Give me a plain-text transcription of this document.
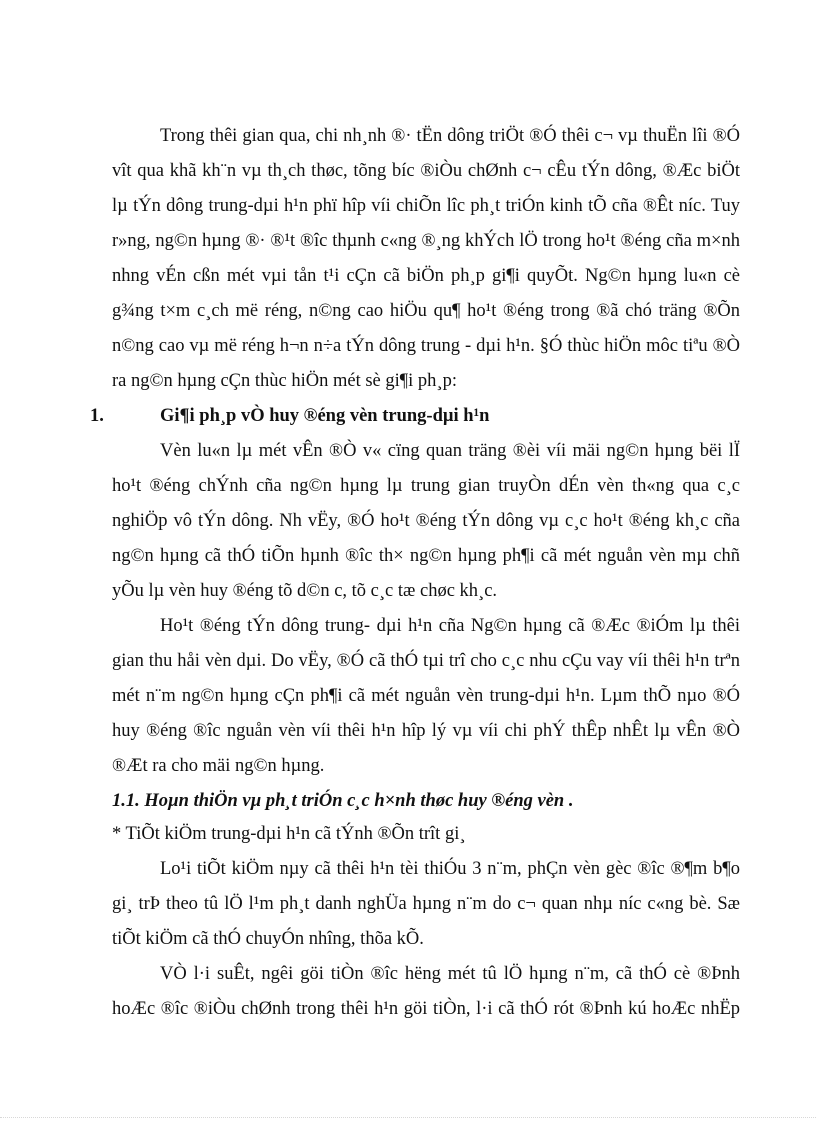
Trong thêi gian qua, chi nh¸nh ®· tËn dông triÖt ®Ó thêi c¬ vµ thuËn lîi ®Ó
vît qua khã kh¨n vµ th¸ch thøc, tõng bíc ®iÒu chØnh c¬ cÊu tÝn dông, ®Æc biÖt
lµ tÝn dông trung-dµi h¹n phï hîp víi chiÕn lîc ph¸t triÓn kinh tÕ cña ®Êt níc. Tuy
r»ng, ng©n hµng ®· ®¹t ®îc thµnh c«ng ®¸ng khÝch lÖ trong ho¹t ®éng cña m×nh
nhng vÉn cßn mét vµi tån t¹i cÇn cã biÖn ph¸p gi¶i quyÕt. Ng©n hµng lu«n cè
g¾ng t×m c¸ch më réng, n©ng cao hiÖu qu¶ ho¹t ®éng trong ®ã chó träng ®Õn
n©ng cao vµ më réng h¬n n÷a tÝn dông trung - dµi h¹n. §Ó thùc hiÖn môc tiªu ®Ò
ra ng©n hµng cÇn thùc hiÖn mét sè gi¶i ph¸p:
1.	Gi¶i ph¸p vÒ huy ®éng vèn trung-dµi h¹n
Vèn lu«n lµ mét vÊn ®Ò v« cïng quan träng ®èi víi mäi ng©n hµng bëi lÏ
ho¹t ®éng chÝnh cña ng©n hµng lµ trung gian truyÒn dÉn vèn th«ng qua c¸c
nghiÖp vô tÝn dông. Nh vËy, ®Ó ho¹t ®éng tÝn dông vµ c¸c ho¹t ®éng kh¸c cña
ng©n hµng cã thÓ tiÕn hµnh ®îc th× ng©n hµng ph¶i cã mét nguån vèn mµ chñ
yÕu lµ vèn huy ®éng tõ d©n c, tõ c¸c tæ chøc kh¸c.
Ho¹t ®éng tÝn dông trung- dµi h¹n cña Ng©n hµng cã ®Æc ®iÓm lµ thêi
gian thu håi vèn dµi. Do vËy, ®Ó cã thÓ tµi trî cho c¸c nhu cÇu vay víi thêi h¹n trªn
mét n¨m ng©n hµng cÇn ph¶i cã mét nguån vèn trung-dµi h¹n. Lµm thÕ nµo ®Ó
huy ®éng ®îc nguån vèn víi thêi h¹n hîp lý vµ víi chi phÝ thÊp nhÊt lµ vÊn ®Ò
®Æt ra cho mäi ng©n hµng.
1.1. Hoµn thiÖn vµ ph¸t triÓn c¸c h×nh thøc huy ®éng vèn .
* TiÕt kiÖm trung-dµi h¹n cã tÝnh ®Õn trît gi¸
Lo¹i tiÕt kiÖm nµy cã thêi h¹n tèi thiÓu 3 n¨m, phÇn vèn gèc ®îc ®¶m b¶o
gi¸ trÞ theo tû lÖ l¹m ph¸t danh nghÜa hµng n¨m do c¬ quan nhµ níc c«ng bè. Sæ
tiÕt kiÖm cã thÓ chuyÓn nhîng, thõa kÕ.
VÒ l·i suÊt, ngêi göi tiÒn ®îc hëng mét tû lÖ hµng n¨m, cã thÓ cè ®Þnh
hoÆc ®îc ®iÒu chØnh trong thêi h¹n göi tiÒn, l·i cã thÓ rót ®Þnh kú hoÆc nhËp
